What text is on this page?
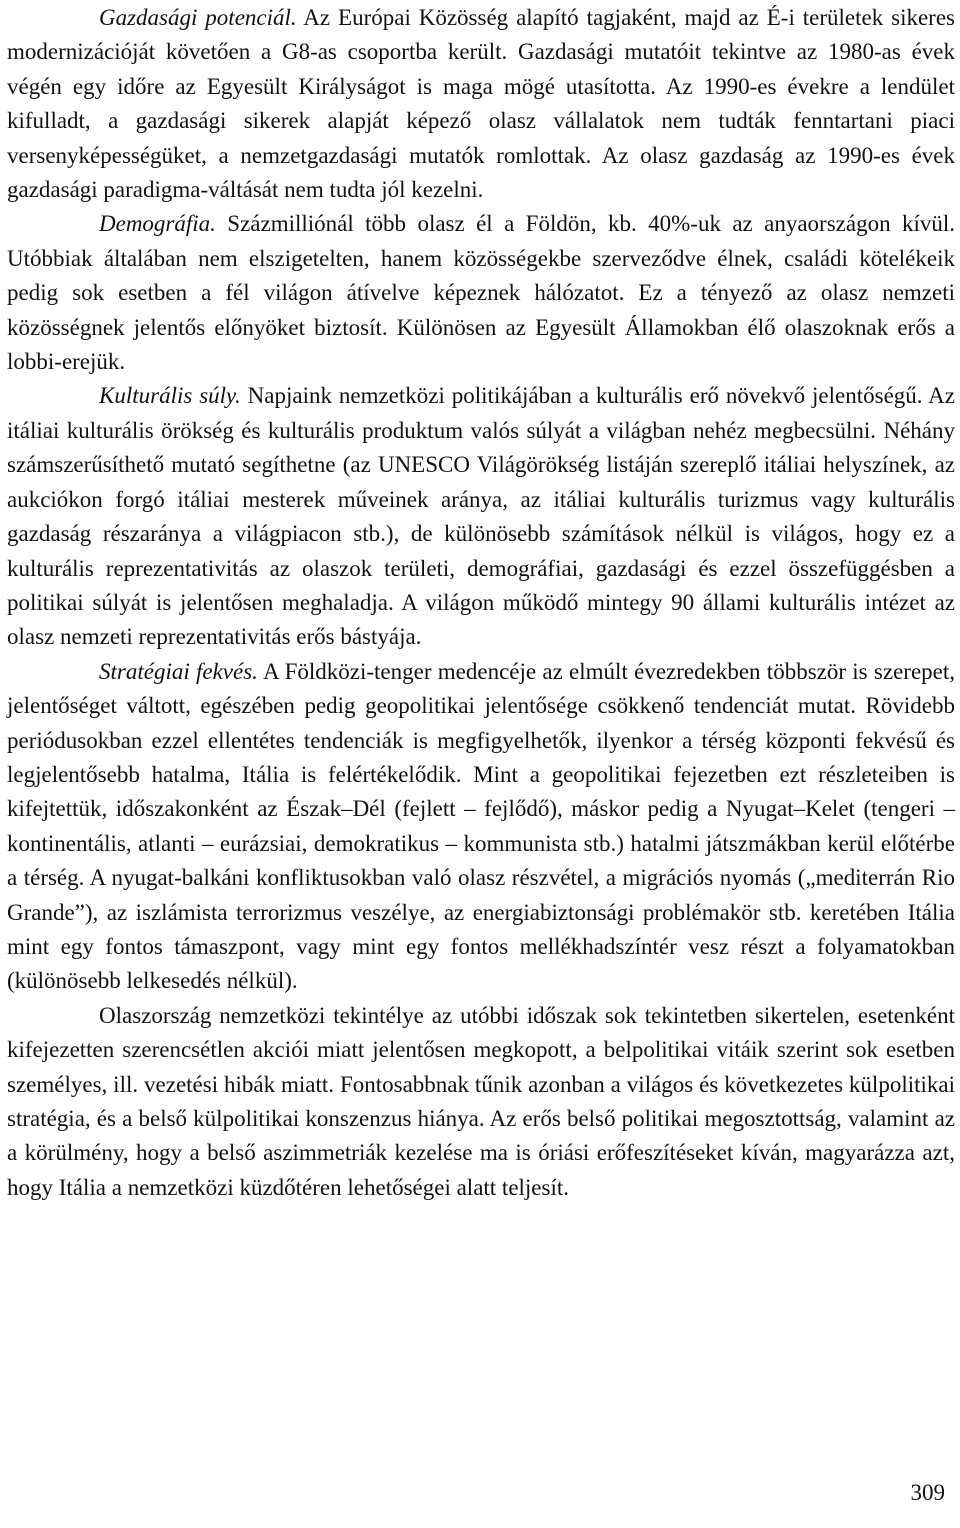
Gazdasági potenciál. Az Európai Közösség alapító tagjaként, majd az É-i területek sikeres modernizációját követően a G8-as csoportba került. Gazdasági mutatóit tekintve az 1980-as évek végén egy időre az Egyesült Királyságot is maga mögé utasította. Az 1990-es évekre a lendület kifulladt, a gazdasági sikerek alapját képező olasz vállalatok nem tudták fenntartani piaci versenyképességüket, a nemzetgazdasági mutatók romlottak. Az olasz gazdaság az 1990-es évek gazdasági paradigma-váltását nem tudta jól kezelni.

Demográfia. Százmilliónál több olasz él a Földön, kb. 40%-uk az anyaországon kívül. Utóbbiak általában nem elszigetelten, hanem közösségekbe szerveződve élnek, családi kötelékeik pedig sok esetben a fél világon átívelve képeznek hálózatot. Ez a tényező az olasz nemzeti közösségnek jelentős előnyöket biztosít. Különösen az Egyesült Államokban élő olaszoknak erős a lobbi-erejük.

Kulturális súly. Napjaink nemzetközi politikájában a kulturális erő növekvő jelentőségű. Az itáliai kulturális örökség és kulturális produktum valós súlyát a világban nehéz megbecsülni. Néhány számszerűsíthető mutató segíthetne (az UNESCO Világörökség listáján szereplő itáliai helyszínek, az aukciókon forgó itáliai mesterek műveinek aránya, az itáliai kulturális turizmus vagy kulturális gazdaság részaránya a világpiacon stb.), de különösebb számítások nélkül is világos, hogy ez a kulturális reprezentativitás az olaszok területi, demográfiai, gazdasági és ezzel összefüggésben a politikai súlyát is jelentősen meghaladja. A világon működő mintegy 90 állami kulturális intézet az olasz nemzeti reprezentativitás erős bástyája.

Stratégiai fekvés. A Földközi-tenger medencéje az elmúlt évezredekben többször is szerepet, jelentőséget váltott, egészében pedig geopolitikai jelentősége csökkenő tendenciát mutat. Rövidebb periódusokban ezzel ellentétes tendenciák is megfigyelhetők, ilyenkor a térség központi fekvésű és legjelentősebb hatalma, Itália is felértékelődik. Mint a geopolitikai fejezetben ezt részleteiben is kifejtettük, időszakonként az Észak–Dél (fejlett – fejlődő), máskor pedig a Nyugat–Kelet (tengeri – kontinentális, atlanti – eurázsiai, demokratikus – kommunista stb.) hatalmi játszmákban kerül előtérbe a térség. A nyugat-balkáni konfliktusokban való olasz részvétel, a migrációs nyomás („mediterrán Rio Grande”), az iszlámista terrorizmus veszélye, az energiabiztonsági problémakör stb. keretében Itália mint egy fontos támaszpont, vagy mint egy fontos mellékhadszíntér vesz részt a folyamatokban (különösebb lelkesedés nélkül).

Olaszország nemzetközi tekintélye az utóbbi időszak sok tekintetben sikertelen, esetenként kifejezetten szerencsétlen akciói miatt jelentősen megkopott, a belpolitikai vitáik szerint sok esetben személyes, ill. vezetési hibák miatt. Fontosabbnak tűnik azonban a világos és következetes külpolitikai stratégia, és a belső külpolitikai konszenzus hiánya. Az erős belső politikai megosztottság, valamint az a körülmény, hogy a belső aszimmetriák kezelése ma is óriási erőfeszítéseket kíván, magyarázza azt, hogy Itália a nemzetközi küzdőtéren lehetőségei alatt teljesít.

309
